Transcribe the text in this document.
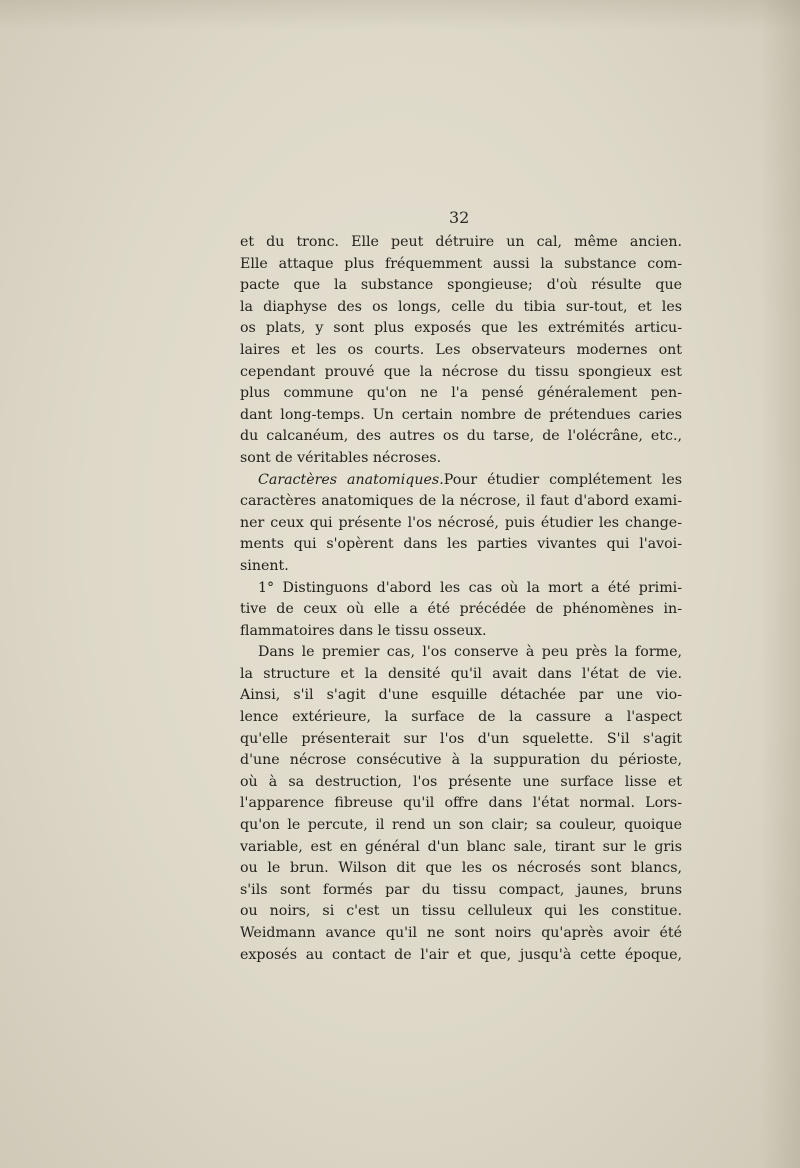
32
et du tronc. Elle peut détruire un cal, même ancien.
Elle attaque plus fréquemment aussi la substance com-
pacte que la substance spongieuse; d'où résulte que
la diaphyse des os longs, celle du tibia sur-tout, et les
os plats, y sont plus exposés que les extrémités articu-
laires et les os courts. Les observateurs modernes ont
cependant prouvé que la nécrose du tissu spongieux est
plus commune qu'on ne l'a pensé généralement pen-
dant long-temps. Un certain nombre de prétendues caries
du calcanéum, des autres os du tarse, de l'olécrâne, etc.,
sont de véritables nécroses.
Caractères anatomiques.Pour étudier complétement les
caractères anatomiques de la nécrose, il faut d'abord exami-
ner ceux qui présente l'os nécrosé, puis étudier les change-
ments qui s'opèrent dans les parties vivantes qui l'avoi-
sinent.
1° Distinguons d'abord les cas où la mort a été primi-
tive de ceux où elle a été précédée de phénomènes in-
flammatoires dans le tissu osseux.
Dans le premier cas, l'os conserve à peu près la forme,
la structure et la densité qu'il avait dans l'état de vie.
Ainsi, s'il s'agit d'une esquille détachée par une vio-
lence extérieure, la surface de la cassure a l'aspect
qu'elle présenterait sur l'os d'un squelette. S'il s'agit
d'une nécrose consécutive à la suppuration du périoste,
où à sa destruction, l'os présente une surface lisse et
l'apparence fibreuse qu'il offre dans l'état normal. Lors-
qu'on le percute, il rend un son clair; sa couleur, quoique
variable, est en général d'un blanc sale, tirant sur le gris
ou le brun. Wilson dit que les os nécrosés sont blancs,
s'ils sont formés par du tissu compact, jaunes, bruns
ou noirs, si c'est un tissu celluleux qui les constitue.
Weidmann avance qu'il ne sont noirs qu'après avoir été
exposés au contact de l'air et que, jusqu'à cette époque,
